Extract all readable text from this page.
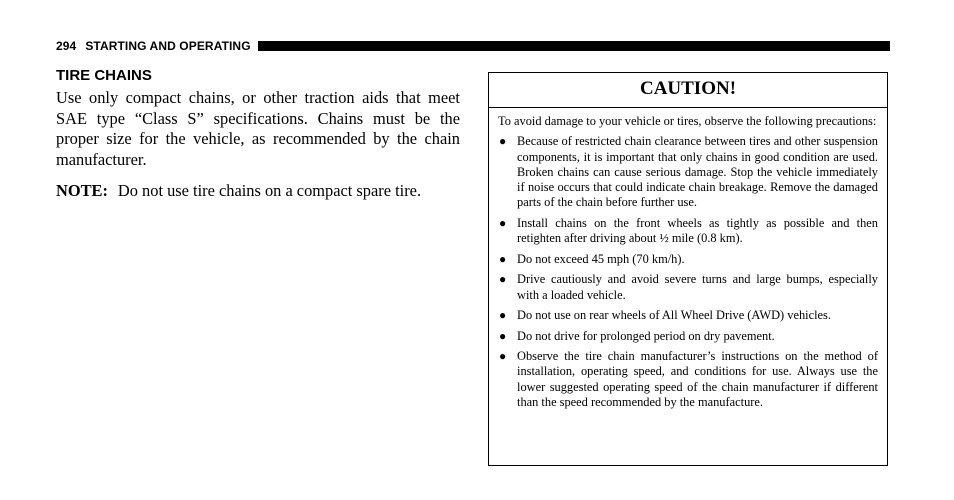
294 STARTING AND OPERATING
TIRE CHAINS

Use only compact chains, or other traction aids that meet SAE type “Class S” specifications. Chains must be the proper size for the vehicle, as recommended by the chain manufacturer.

NOTE: Do not use tire chains on a compact spare tire.

CAUTION!

To avoid damage to your vehicle or tires, observe the following precautions:

● Because of restricted chain clearance between tires and other suspension components, it is important that only chains in good condition are used. Broken chains can cause serious damage. Stop the vehicle immediately if noise occurs that could indicate chain breakage. Remove the damaged parts of the chain before further use.
● Install chains on the front wheels as tightly as possible and then retighten after driving about ½ mile (0.8 km).
● Do not exceed 45 mph (70 km/h).
● Drive cautiously and avoid severe turns and large bumps, especially with a loaded vehicle.
● Do not use on rear wheels of All Wheel Drive (AWD) vehicles.
● Do not drive for prolonged period on dry pavement.
● Observe the tire chain manufacturer’s instructions on the method of installation, operating speed, and conditions for use. Always use the lower suggested operating speed of the chain manufacturer if different than the speed recommended by the manufacture.
